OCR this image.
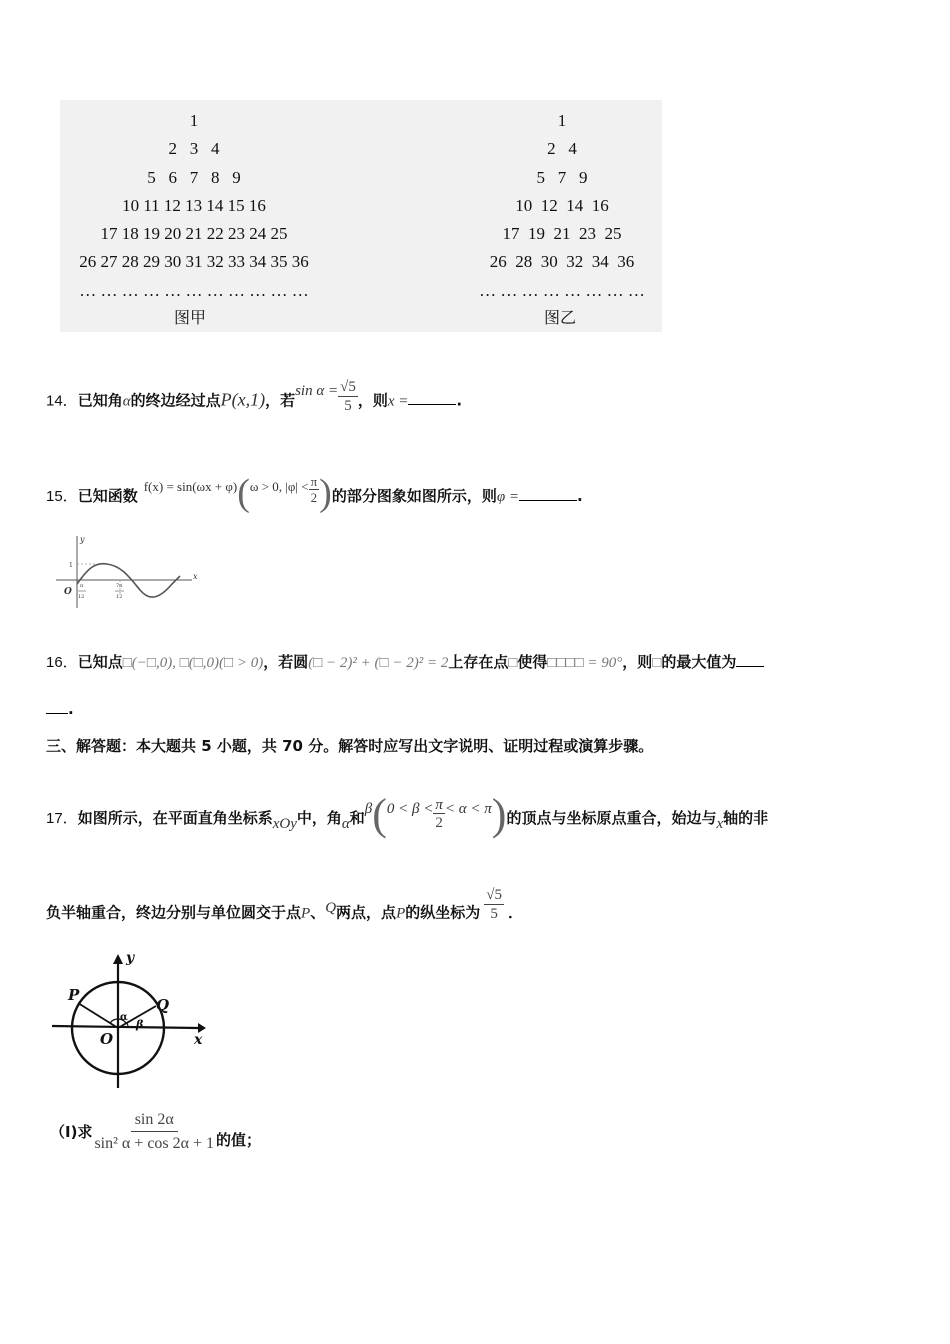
1
2   3   4
5   6   7   8   9
10 11 12 13 14 15 16
17 18 19 20 21 22 23 24 25
26 27 28 29 30 31 32 33 34 35 36
… … … … … … … … … … …
图甲
1
2   4
5   7   9
10  12  14  16
17  19  21  23  25
26  28  30  32  34  36
… … … … … … … …
图乙
14．已知角α的终边经过点P(x,1)，若$\sin \alpha = \frac{√5}{5}$ ，则x =	.
15．已知函数f(x) = sin(ωx + φ)(ω > 0, $|\varphi| < \frac{\pi}{2}$ )的部分图象如图所示，则φ =	.
y
x
O
1
π
12
7π
12
16．已知点□(−□,0), □(□,0)(□ > 0)，若圆(□ − 2)² + (□ − 2)² = 2上存在点□使得□□□□ = 90°，则□的最大值为
.
三、解答题：本大题共 5 小题，共 70 分。解答时应写出文字说明、证明过程或演算步骤。
17．如图所示，在平面直角坐标系xOy中，角α和$\beta(0 < \beta < \frac{\pi}{2} < \alpha < \pi)$的顶点与坐标原点重合，始边与x轴的非
负半轴重合，终边分别与单位圆交于点P、Q两点，点P的纵坐标为 $\frac{√5}{5}$ ．
y
x
P
Q
O
α
β
（I)求 $\frac{\sin 2\alpha}{\text{sin² α + cos 2α + 1}}$ 的值；
